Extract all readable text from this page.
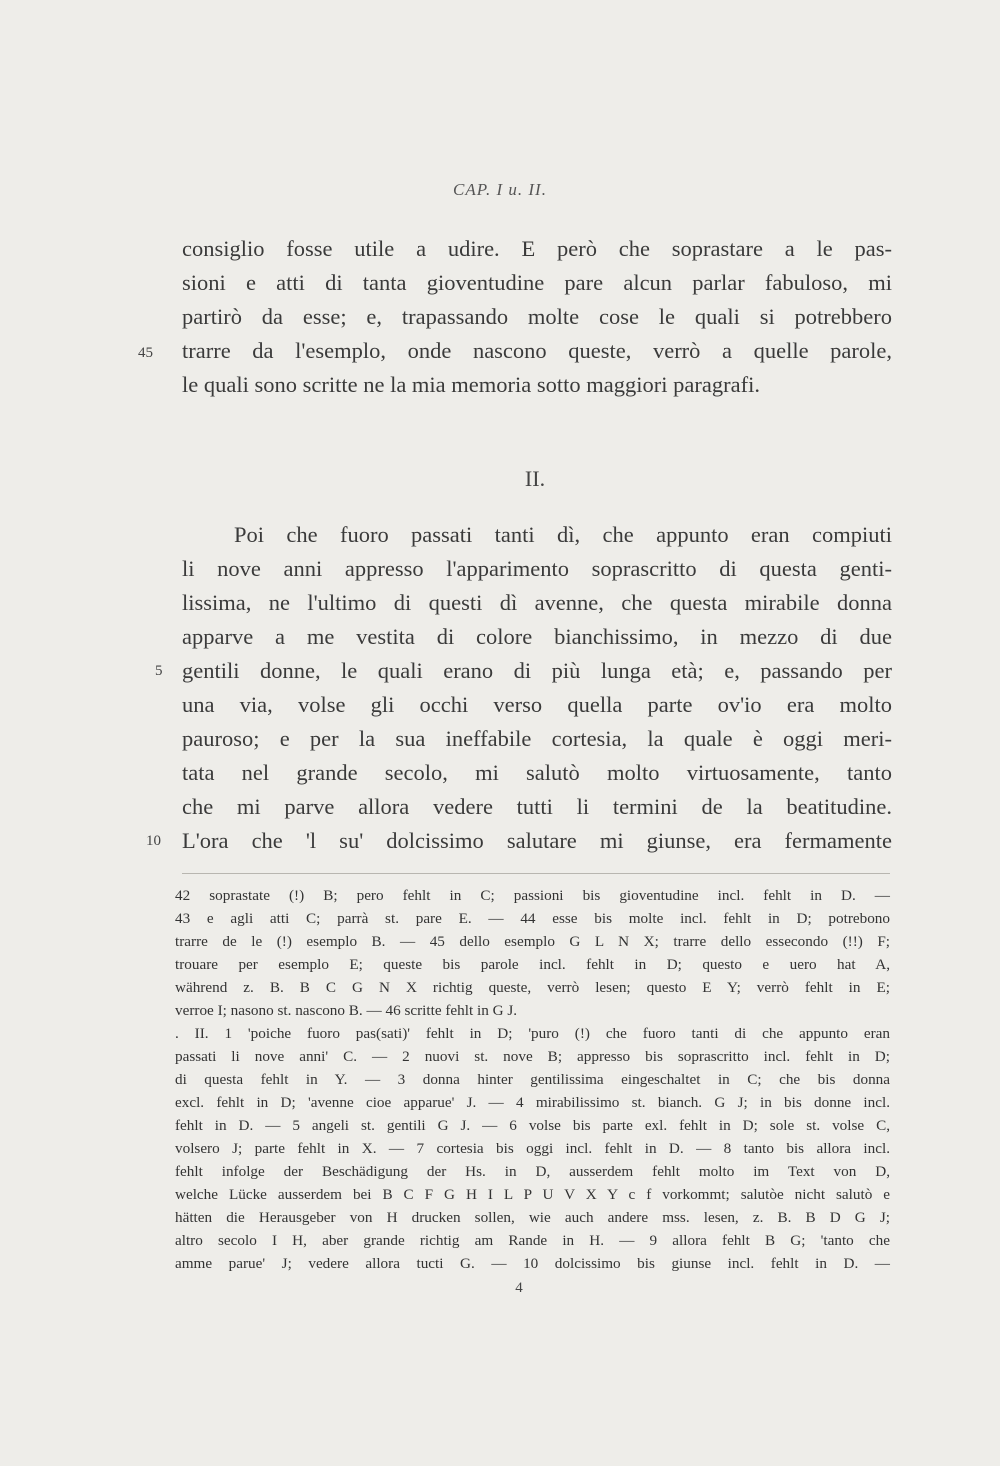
CAP. I u. II.
consiglio fosse utile a udire. E però che soprastare a le pas-
sioni e atti di tanta gioventudine pare alcun parlar fabuloso, mi
partirò da esse; e, trapassando molte cose le quali si potrebbero
trarre da l'esemplo, onde nascono queste, verrò a quelle parole,
le quali sono scritte ne la mia memoria sotto maggiori paragrafi.
45
II.
Poi che fuoro passati tanti dì, che appunto eran compiuti
li nove anni appresso l'apparimento soprascritto di questa genti-
lissima, ne l'ultimo di questi dì avenne, che questa mirabile donna
apparve a me vestita di colore bianchissimo, in mezzo di due
gentili donne, le quali erano di più lunga età; e, passando per
una via, volse gli occhi verso quella parte ov'io era molto
pauroso; e per la sua ineffabile cortesia, la quale è oggi meri-
tata nel grande secolo, mi salutò molto virtuosamente, tanto
che mi parve allora vedere tutti li termini de la beatitudine.
L'ora che 'l su' dolcissimo salutare mi giunse, era fermamente
5
10
42 soprastate (!) B; pero fehlt in C; passioni bis gioventudine incl. fehlt in D. —
43 e agli atti C; parrà st. pare E. — 44 esse bis molte incl. fehlt in D; potrebono
trarre de le (!) esemplo B. — 45 dello esemplo G L N X; trarre dello essecondo (!!) F;
trouare per esemplo E; queste bis parole incl. fehlt in D; questo e uero hat A,
während z. B. B C G N X richtig queste, verrò lesen; questo E Y; verrò fehlt in E;
verroe I; nasono st. nascono B. — 46 scritte fehlt in G J.
. II. 1 'poiche fuoro pas(sati)' fehlt in D; 'puro (!) che fuoro tanti di che appunto eran
passati li nove anni' C. — 2 nuovi st. nove B; appresso bis soprascritto incl. fehlt in D;
di questa fehlt in Y. — 3 donna hinter gentilissima eingeschaltet in C; che bis donna
excl. fehlt in D; 'avenne cioe apparue' J. — 4 mirabilissimo st. bianch. G J; in bis donne incl.
fehlt in D. — 5 angeli st. gentili G J. — 6 volse bis parte exl. fehlt in D; sole st. volse C,
volsero J; parte fehlt in X. — 7 cortesia bis oggi incl. fehlt in D. — 8 tanto bis allora incl.
fehlt infolge der Beschädigung der Hs. in D, ausserdem fehlt molto im Text von D,
welche Lücke ausserdem bei B C F G H I L P U V X Y c f vorkommt; salutòe nicht salutò e
hätten die Herausgeber von H drucken sollen, wie auch andere mss. lesen, z. B. B D G J;
altro secolo I H, aber grande richtig am Rande in H. — 9 allora fehlt B G; 'tanto che
amme parue' J; vedere allora tucti G. — 10 dolcissimo bis giunse incl. fehlt in D. —
4
